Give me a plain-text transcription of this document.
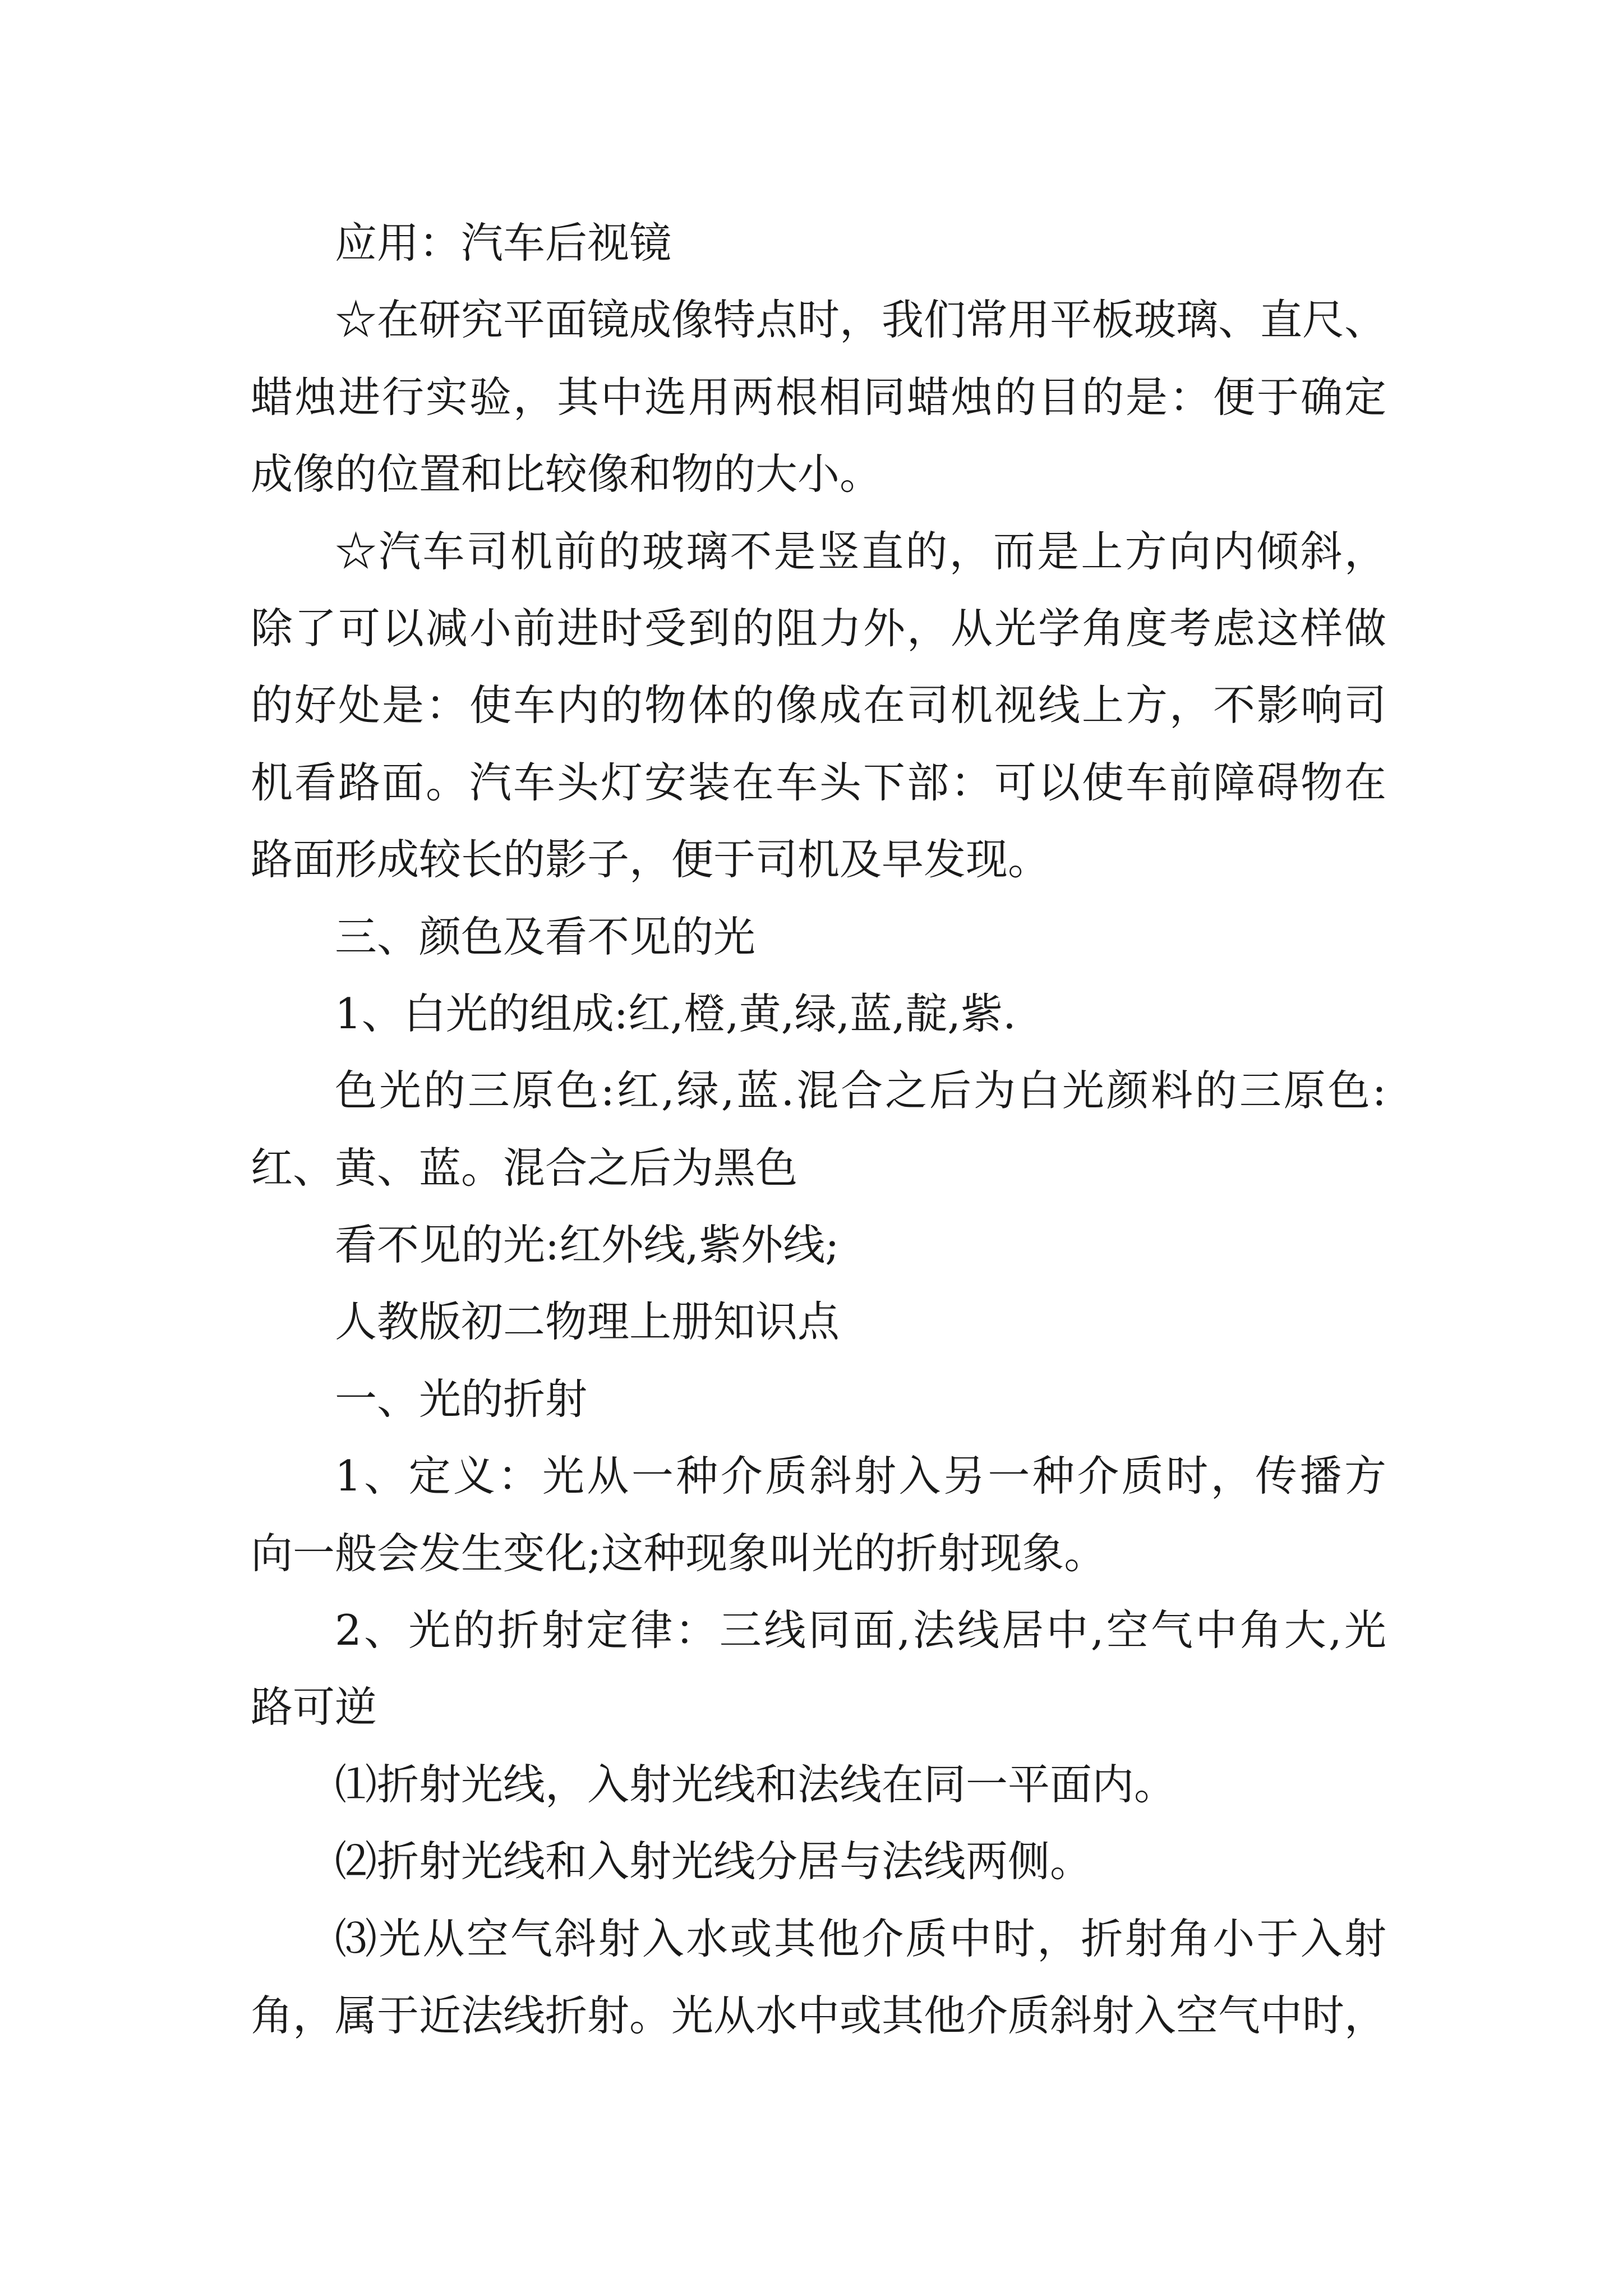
应用：汽车后视镜
☆在研究平面镜成像特点时，我们常用平板玻璃、直尺、
蜡烛进行实验，其中选用两根相同蜡烛的目的是：便于确定
成像的位置和比较像和物的大小。
☆汽车司机前的玻璃不是竖直的，而是上方向内倾斜，
除了可以减小前进时受到的阻力外，从光学角度考虑这样做
的好处是：使车内的物体的像成在司机视线上方，不影响司
机看路面。汽车头灯安装在车头下部：可以使车前障碍物在
路面形成较长的影子，便于司机及早发现。
三、颜色及看不见的光
1、白光的组成:红,橙,黄,绿,蓝,靛,紫.
色光的三原色:红,绿,蓝.混合之后为白光颜料的三原色:
红、黄、蓝。混合之后为黑色
看不见的光:红外线,紫外线;
人教版初二物理上册知识点
一、光的折射
1、定义：光从一种介质斜射入另一种介质时，传播方
向一般会发生变化;这种现象叫光的折射现象。
2、光的折射定律：三线同面,法线居中,空气中角大,光
路可逆
⑴折射光线，入射光线和法线在同一平面内。
⑵折射光线和入射光线分居与法线两侧。
⑶光从空气斜射入水或其他介质中时，折射角小于入射
角，属于近法线折射。光从水中或其他介质斜射入空气中时，
